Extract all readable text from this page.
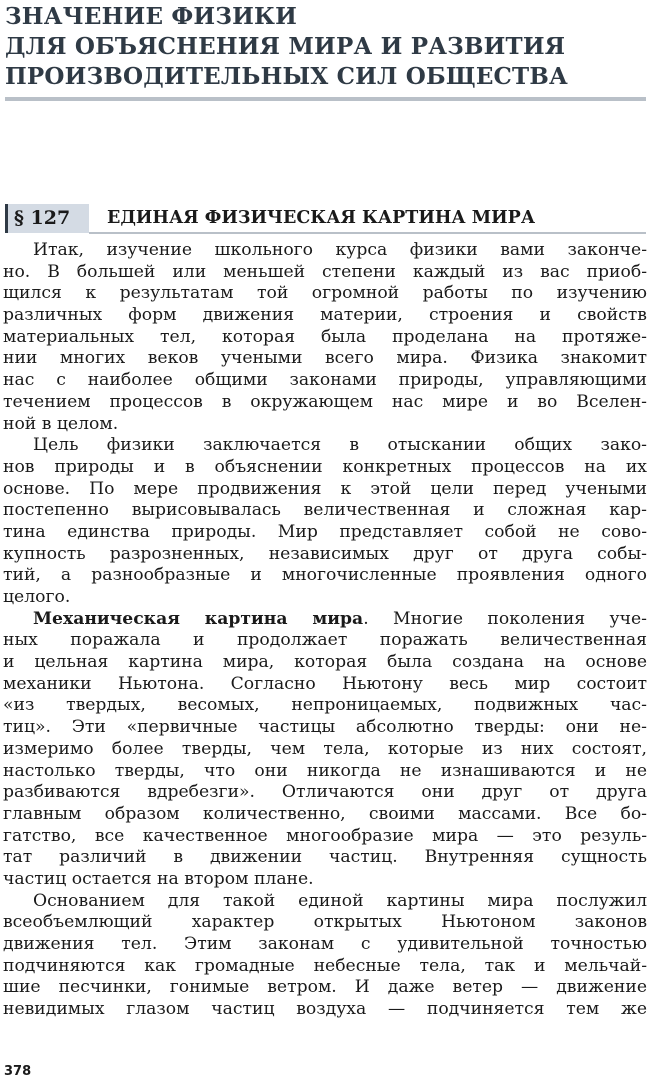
ЗНАЧЕНИЕ ФИЗИКИ
ДЛЯ ОБЪЯСНЕНИЯ МИРА И РАЗВИТИЯ
ПРОИЗВОДИТЕЛЬНЫХ СИЛ ОБЩЕСТВА
§ 127	ЕДИНАЯ ФИЗИЧЕСКАЯ КАРТИНА МИРА
Итак, изучение школьного курса физики вами закончe-
но. В большей или меньшей степени каждый из вас приоб-
щился к результатам той огромной работы по изучению
различных форм движения материи, строения и свойств
материальных тел, которая была проделана на протяже-
нии многих веков учеными всего мира. Физика знакомит
нас с наиболее общими законами природы, управляющими
течением процессов в окружающем нас мире и во Вселен-
ной в целом.
Цель физики заключается в отыскании общих зако-
нов природы и в объяснении конкретных процессов на их
основе. По мере продвижения к этой цели перед учеными
постепенно вырисовывалась величественная и сложная кар-
тина единства природы. Мир представляет собой не сово-
купность разрозненных, независимых друг от друга собы-
тий, а разнообразные и многочисленные проявления одного
целого.
Механическая картина мира. Многие поколения уче-
ных поражала и продолжает поражать величественная
и цельная картина мира, которая была создана на основе
механики Ньютона. Согласно Ньютону весь мир состоит
«из твердых, весомых, непроницаемых, подвижных час-
тиц». Эти «первичные частицы абсолютно тверды: они не-
измеримо более тверды, чем тела, которые из них состоят,
настолько тверды, что они никогда не изнашиваются и не
разбиваются вдребезги». Отличаются они друг от друга
главным образом количественно, своими массами. Все бо-
гатство, все качественное многообразие мира — это резуль-
тат различий в движении частиц. Внутренняя сущность
частиц остается на втором плане.
Основанием для такой единой картины мира послужил
всеобъемлющий характер открытых Ньютоном законов
движения тел. Этим законам с удивительной точностью
подчиняются как громадные небесные тела, так и мельчай-
шие песчинки, гонимые ветром. И даже ветер — движение
невидимых глазом частиц воздуха — подчиняется тем же
378
